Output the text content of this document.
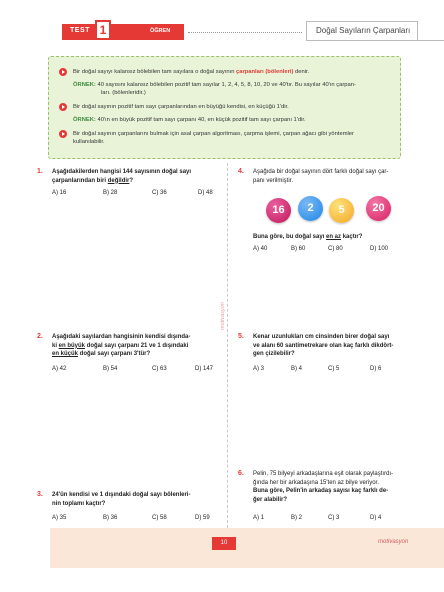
TEST 1	ÖĞREN	Doğal Sayıların Çarpanları
Bir doğal sayıyı kalansız bölebilen tam sayılara o doğal sayının çarpanları (bölenleri) denir.
ÖRNEK: 40 sayısını kalansız bölebilen pozitif tam sayılar 1, 2, 4, 5, 8, 10, 20 ve 40'tır. Bu sayılar 40'ın çarpan-
ları. (bölenleridir.)
Bir doğal sayının pozitif tam sayı çarpanlarından en büyüğü kendisi, en küçüğü 1'dir.
ÖRNEK: 40'ın en büyük pozitif tam sayı çarpanı 40, en küçük pozitif tam sayı çarpanı 1'dir.
Bir doğal sayının çarpanlarını bulmak için asal çarpan algoritması, çarpma işlemi, çarpan ağacı gibi yöntemler
kullanılabilir.
motivasyon
1. Aşağıdakilerden hangisi 144 sayısının doğal sayı
çarpanlarından biri değildir?
A) 16	B) 28	C) 36	D) 48
4. Aşağıda bir doğal sayının dört farklı doğal sayı çar-
panı verilmiştir.
16	2	5	20
Buna göre, bu doğal sayı en az kaçtır?
A) 40	B) 60	C) 80	D) 100
2. Aşağıdaki sayılardan hangisinin kendisi dışında-
ki en büyük doğal sayı çarpanı 21 ve 1 dışındaki
en küçük doğal sayı çarpanı 3'tür?
A) 42	B) 54	C) 63	D) 147
5. Kenar uzunlukları cm cinsinden birer doğal sayı
ve alanı 60 santimetrekare olan kaç farklı dikdört-
gen çizilebilir?
A) 3	B) 4	C) 5	D) 6
6. Pelin, 75 bilyeyi arkadaşlarına eşit olarak paylaştırdı-
ğında her bir arkadaşına 15'ten az bilye veriyor.
Buna göre, Pelin'in arkadaş sayısı kaç farklı de-
ğer alabilir?
A) 1	B) 2	C) 3	D) 4
3. 24'ün kendisi ve 1 dışındaki doğal sayı bölenleri-
nin toplamı kaçtır?
A) 35	B) 36	C) 58	D) 59
10	motivasyon
